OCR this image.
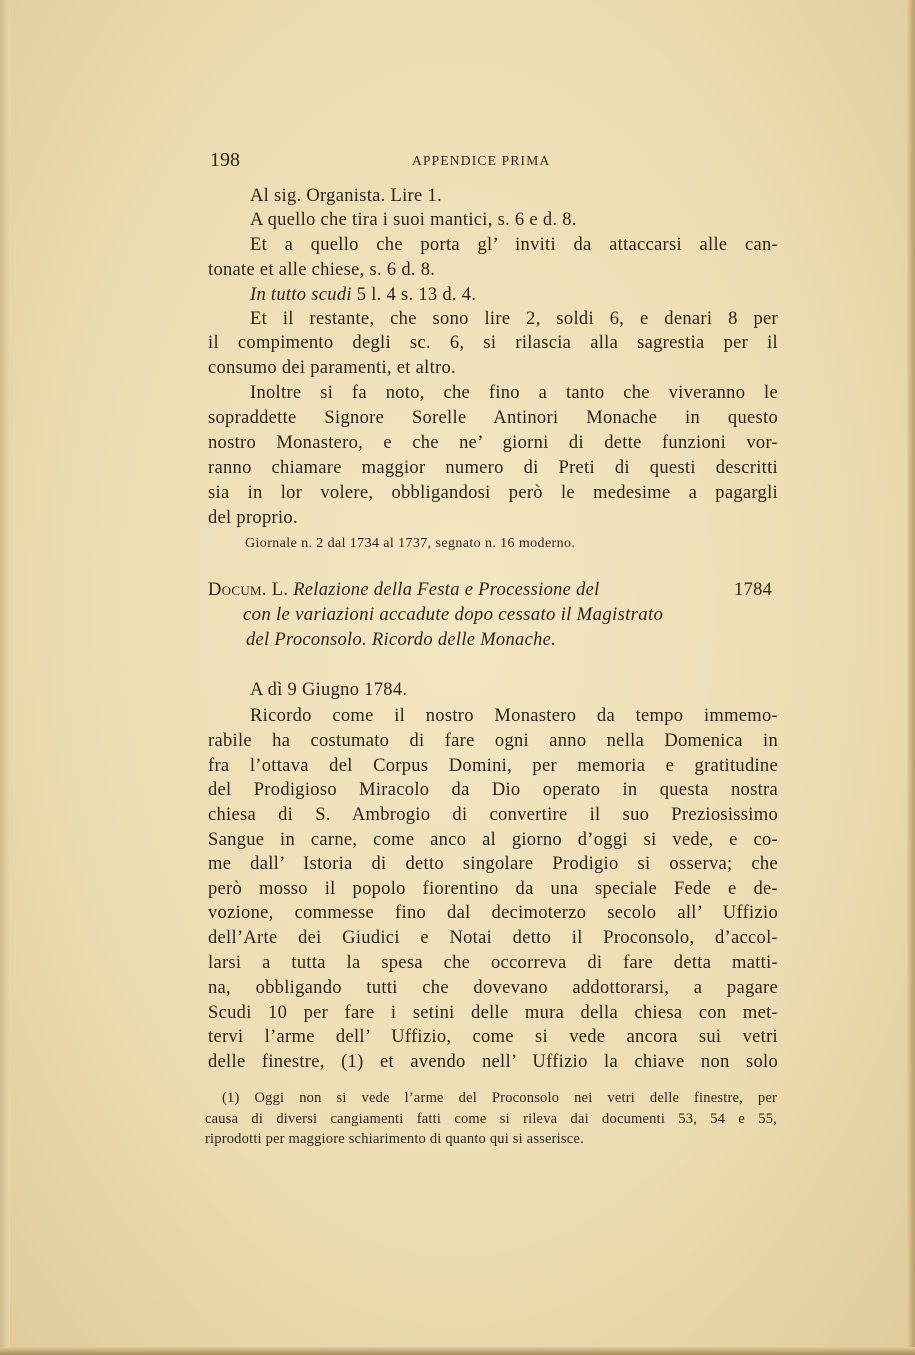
198	APPENDICE PRIMA
Al sig. Organista. Lire 1.
A quello che tira i suoi mantici, s. 6 e d. 8.
Et a quello che porta gl’ inviti da attaccarsi alle can-
tonate et alle chiese, s. 6 d. 8.
In tutto scudi 5 l. 4 s. 13 d. 4.
Et il restante, che sono lire 2, soldi 6, e denari 8 per
il compimento degli sc. 6, si rilascia alla sagrestia per il
consumo dei paramenti, et altro.
Inoltre si fa noto, che fino a tanto che viveranno le
sopraddette Signore Sorelle Antinori Monache in questo
nostro Monastero, e che ne’ giorni di dette funzioni vor-
ranno chiamare maggior numero di Preti di questi descritti
sia in lor volere, obbligandosi però le medesime a pagargli
del proprio.
Giornale n. 2 dal 1734 al 1737, segnato n. 16 moderno.
Docum. L. Relazione della Festa e Processione del	1784
con le variazioni accadute dopo cessato il Magistrato
del Proconsolo. Ricordo delle Monache.
A dì 9 Giugno 1784.
Ricordo come il nostro Monastero da tempo immemo-
rabile ha costumato di fare ogni anno nella Domenica in
fra l’ottava del Corpus Domini, per memoria e gratitudine
del Prodigioso Miracolo da Dio operato in questa nostra
chiesa di S. Ambrogio di convertire il suo Preziosissimo
Sangue in carne, come anco al giorno d’oggi si vede, e co-
me dall’ Istoria di detto singolare Prodigio si osserva; che
però mosso il popolo fiorentino da una speciale Fede e de-
vozione, commesse fino dal decimoterzo secolo all’ Uffizio
dell’Arte dei Giudici e Notai detto il Proconsolo, d’accol-
larsi a tutta la spesa che occorreva di fare detta matti-
na, obbligando tutti che dovevano addottorarsi, a pagare
Scudi 10 per fare i setini delle mura della chiesa con met-
tervi l’arme dell’ Uffizio, come si vede ancora sui vetri
delle finestre, (1) et avendo nell’ Uffizio la chiave non solo
(1) Oggi non si vede l’arme del Proconsolo nei vetri delle finestre, per
causa di diversi cangiamenti fatti come si rileva dai documenti 53, 54 e 55,
riprodotti per maggiore schiarimento di quanto qui si asserisce.
